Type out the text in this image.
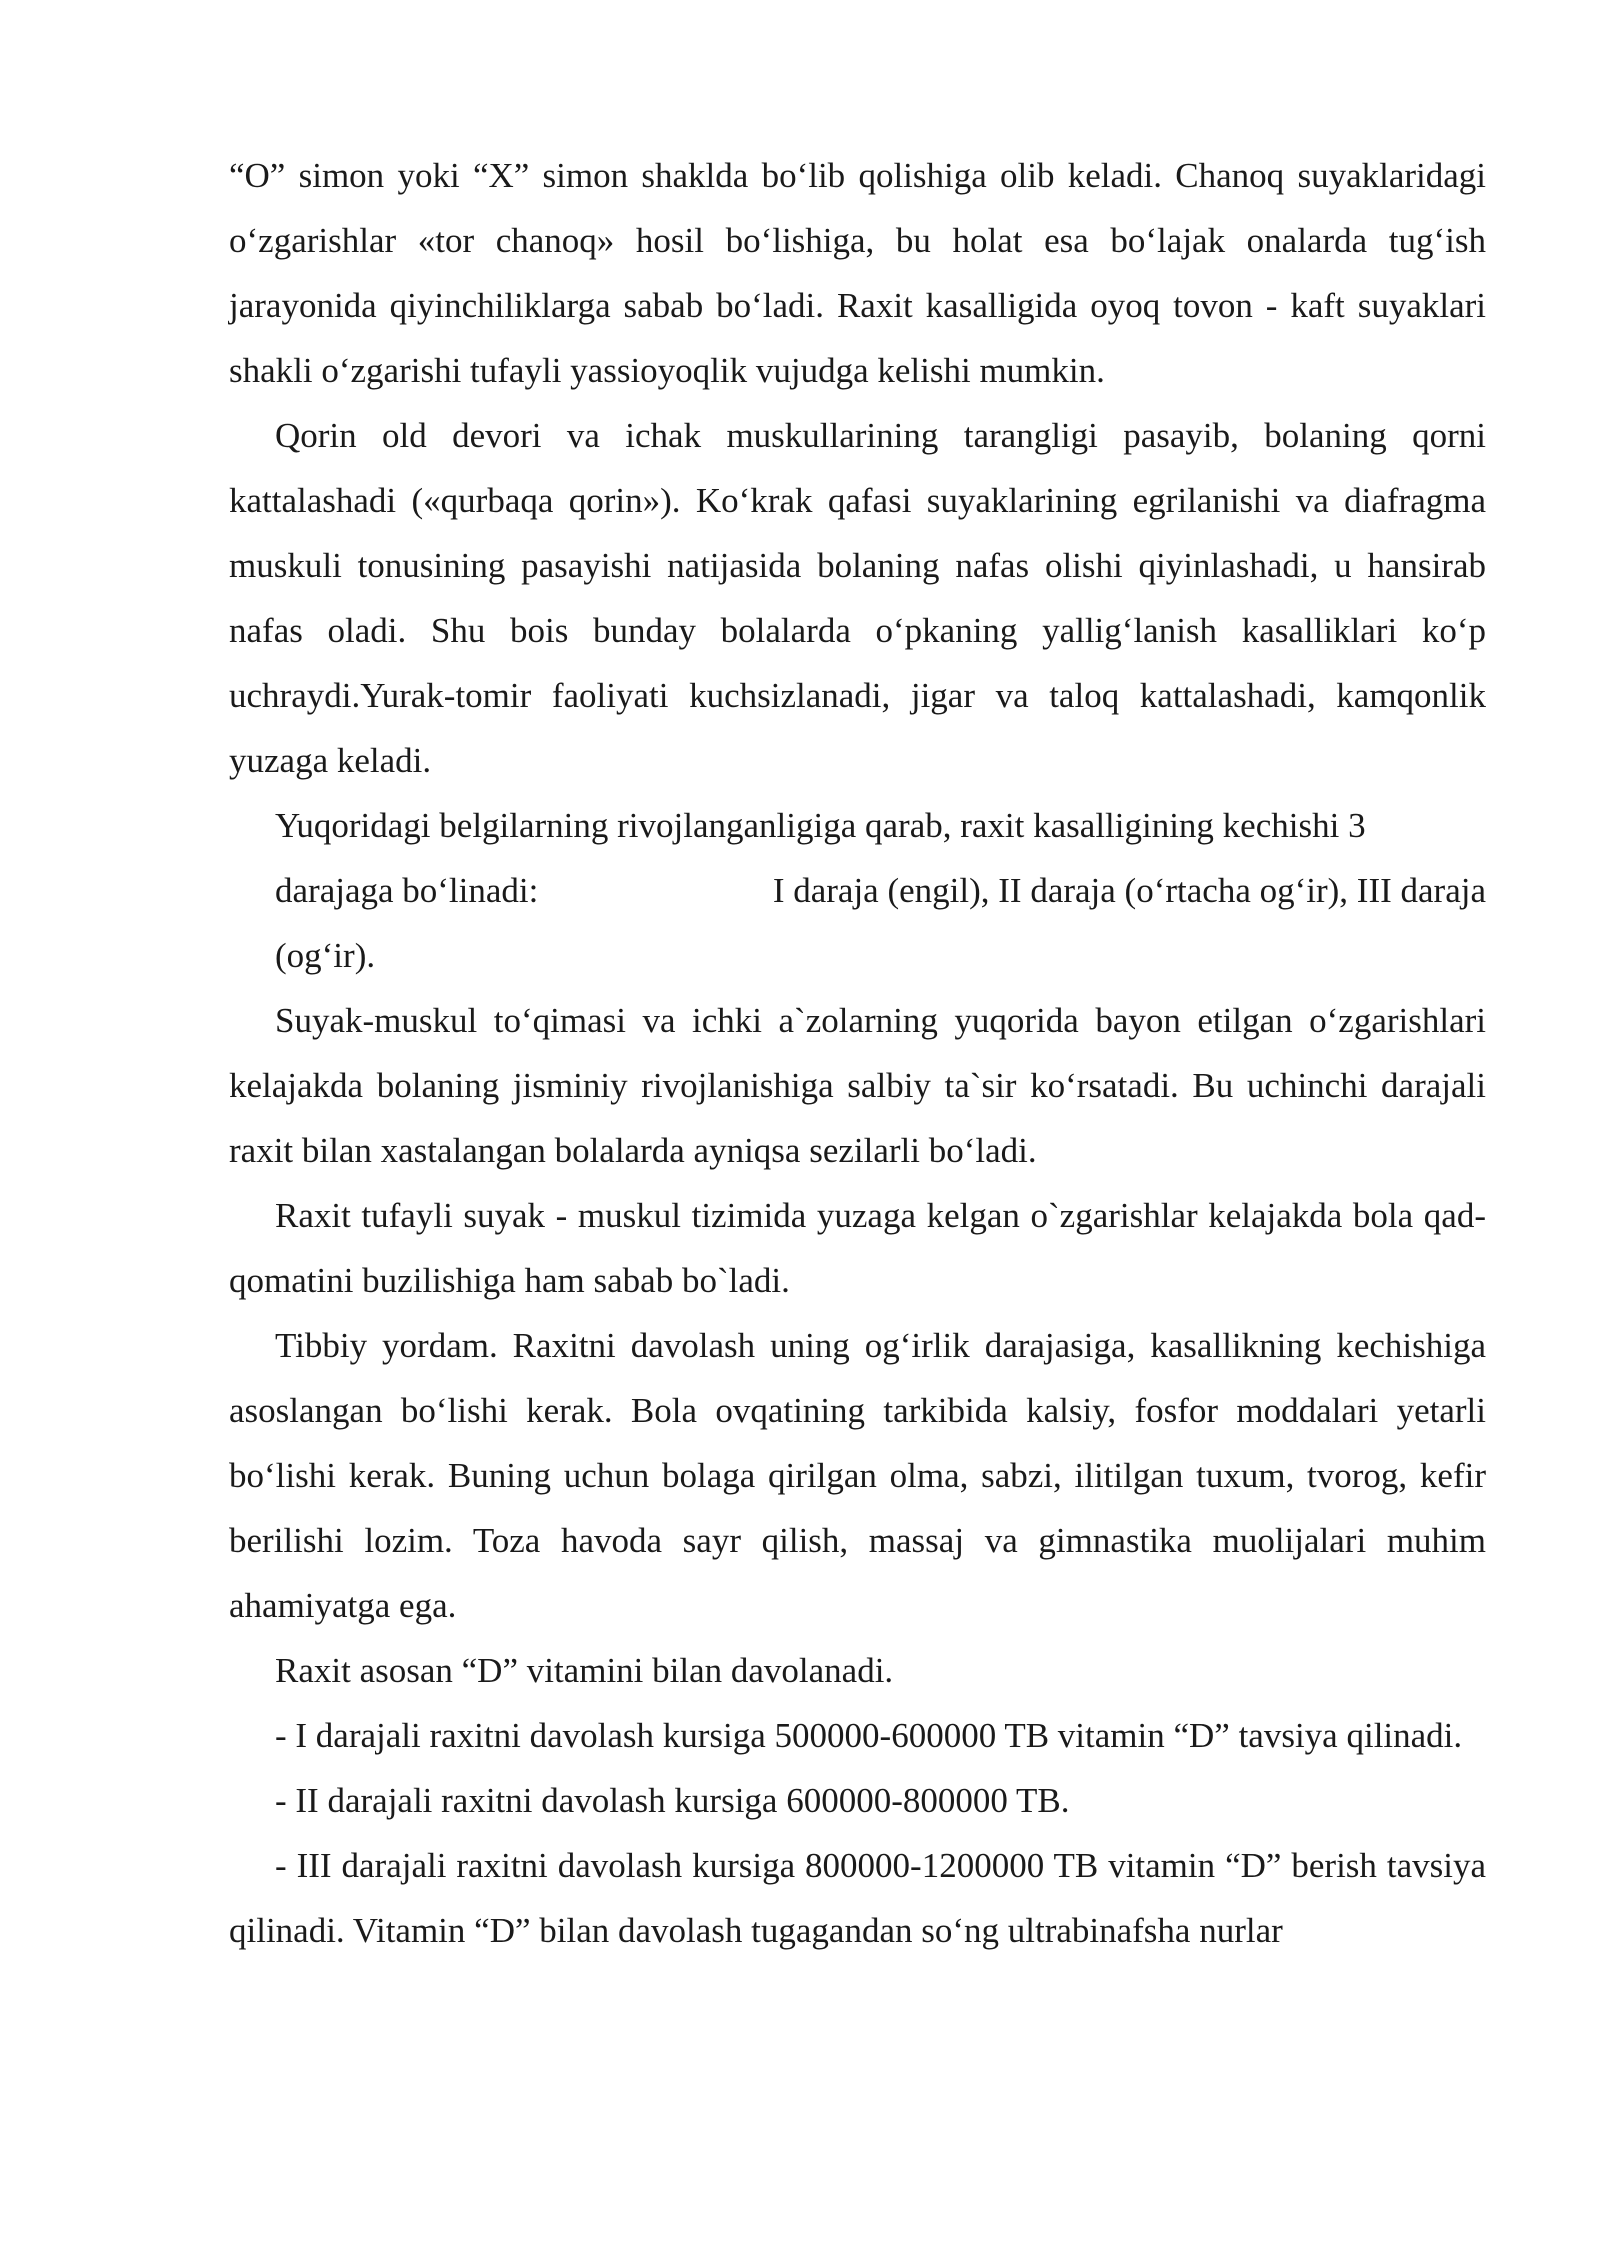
“O” simon yoki “X” simon shaklda bo‘lib qolishiga olib keladi. Chanoq suyaklaridagi o‘zgarishlar «tor chanoq» hosil bo‘lishiga, bu holat esa bo‘lajak onalarda tug‘ish jarayonida qiyinchiliklarga sabab bo‘ladi. Raxit kasalligida oyoq tovon - kaft suyaklari shakli o‘zgarishi tufayli yassioyoqlik vujudga kelishi mumkin.

Qorin old devori va ichak muskullarining tarangligi pasayib, bolaning qorni kattalashadi («qurbaqa qorin»). Ko‘krak qafasi suyaklarining egrilanishi va diafragma muskuli tonusining pasayishi natijasida bolaning nafas olishi qiyinlashadi, u hansirab nafas oladi. Shu bois bunday bolalarda o‘pkaning yallig‘lanish kasalliklari ko‘p uchraydi.Yurak-tomir faoliyati kuchsizlanadi, jigar va taloq kattalashadi, kamqonlik yuzaga keladi.

Yuqoridagi belgilarning rivojlanganligiga qarab, raxit kasalligining kechishi 3
darajaga bo‘linadi:	I daraja (engil), II daraja (o‘rtacha og‘ir), III daraja
(og‘ir).

Suyak-muskul to‘qimasi va ichki a`zolarning yuqorida bayon etilgan o‘zgarishlari kelajakda bolaning jisminiy rivojlanishiga salbiy ta`sir ko‘rsatadi. Bu uchinchi darajali raxit bilan xastalangan bolalarda ayniqsa sezilarli bo‘ladi.

Raxit tufayli suyak - muskul tizimida yuzaga kelgan o`zgarishlar kelajakda bola qad-qomatini buzilishiga ham sabab bo`ladi.

Tibbiy yordam. Raxitni davolash uning og‘irlik darajasiga, kasallikning kechishiga asoslangan bo‘lishi kerak. Bola ovqatining tarkibida kalsiy, fosfor moddalari yetarli bo‘lishi kerak. Buning uchun bolaga qirilgan olma, sabzi, ilitilgan tuxum, tvorog, kefir berilishi lozim. Toza havoda sayr qilish, massaj va gimnastika muolijalari muhim ahamiyatga ega.

Raxit asosan “D” vitamini bilan davolanadi.

- I darajali raxitni davolash kursiga 500000-600000 TB vitamin “D” tavsiya qilinadi.

- II darajali raxitni davolash kursiga 600000-800000 TB.

- III darajali raxitni davolash kursiga 800000-1200000 TB vitamin “D” berish tavsiya qilinadi. Vitamin “D” bilan davolash tugagandan so‘ng ultrabinafsha nurlar
